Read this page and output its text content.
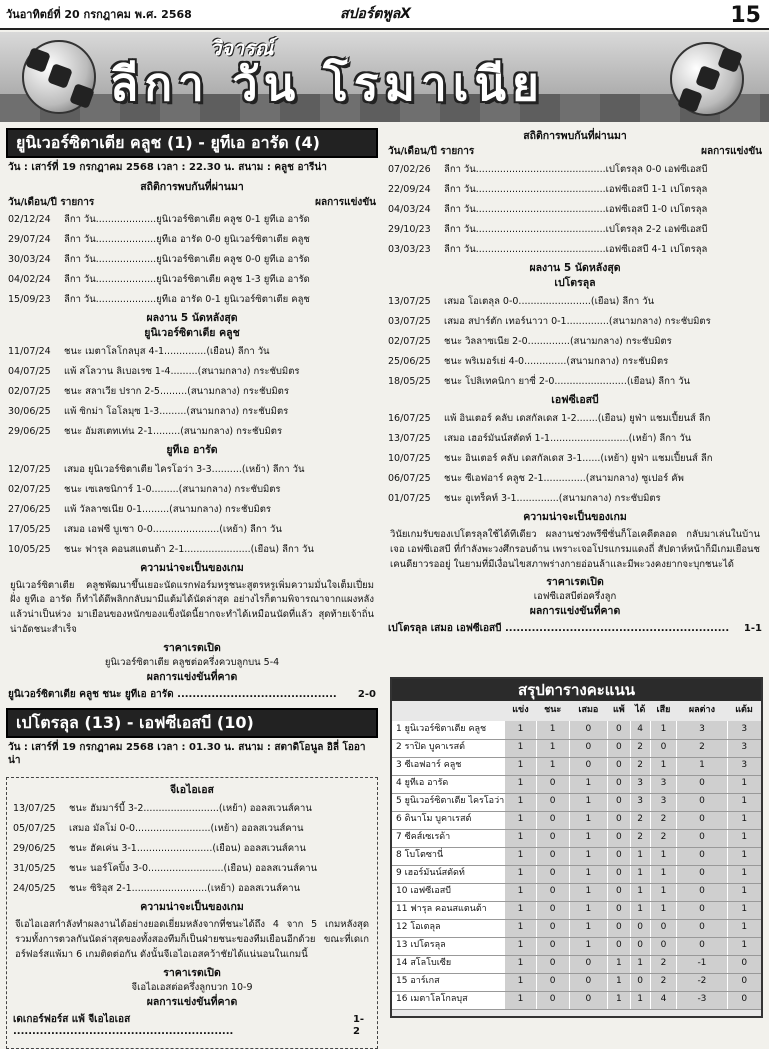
วันอาทิตย์ที่ 20 กรกฎาคม พ.ศ. 2568	สปอร์ตพูลX	15
วิจารณ์
ลีกา วัน โรมาเนีย
ยูนิเวอร์ซิตาเตีย คลูช (1) - ยูทีเอ อารัด (4)
วัน : เสาร์ที่ 19 กรกฎาคม 2568 เวลา : 22.30 น. สนาม : คลูช อารีน่า
สถิติการพบกันที่ผ่านมา
วัน/เดือน/ปี รายการ	ผลการแข่งขัน
02/12/24	ลีกา วัน....................ยูนิเวอร์ซิตาเตีย คลูช 0-1 ยูทีเอ อารัด
29/07/24	ลีกา วัน....................ยูทีเอ อารัด 0-0 ยูนิเวอร์ซิตาเตีย คลูช
30/03/24	ลีกา วัน....................ยูนิเวอร์ซิตาเตีย คลูช 0-0 ยูทีเอ อารัด
04/02/24	ลีกา วัน....................ยูนิเวอร์ซิตาเตีย คลูช 1-3 ยูทีเอ อารัด
15/09/23	ลีกา วัน....................ยูทีเอ อารัด 0-1 ยูนิเวอร์ซิตาเตีย คลูช
ผลงาน 5 นัดหลังสุด
ยูนิเวอร์ซิตาเตีย คลูช
11/07/24	ชนะ เมตาโลโกลบุส 4-1..............(เยือน) ลีกา วัน
04/07/25	แพ้ สโลวาน ลิเบอเรซ 1-4.........(สนามกลาง) กระชับมิตร
02/07/25	ชนะ สลาเวีย ปราก 2-5.........(สนามกลาง) กระชับมิตร
30/06/25	แพ้ ซิกม่า โอโลมุซ 1-3.........(สนามกลาง) กระชับมิตร
29/06/25	ชนะ อัมสเตทเท่น 2-1.........(สนามกลาง) กระชับมิตร
ยูทีเอ อารัด
12/07/25	เสมอ ยูนิเวอร์ซิตาเตีย ไครโอว่า 3-3..........(เหย้า) ลีกา วัน
02/07/25	ชนะ เซเลซนิการ์ 1-0.........(สนามกลาง) กระชับมิตร
27/06/25	แพ้ วัลลาซเนีย 0-1.........(สนามกลาง) กระชับมิตร
17/05/25	เสมอ เอฟซี บูเซา 0-0......................(เหย้า) ลีกา วัน
10/05/25	ชนะ ฟารุล คอนสแตนต้า 2-1......................(เยือน) ลีกา วัน
ความน่าจะเป็นของเกม
ยูนิเวอร์ซิตาเตีย คลูชพัฒนาขึ้นเยอะนัดแรกฟอร์มหรูชนะสูตรหรูเพิ่มความมั่นใจเต็มเปี่ยม ฝั่ง ยูทีเอ อารัด ก็ทำได้ดีพลิกกลับมามีแต้มได้นัดล่าสุด อย่างไรก็ตามพิจารณาจากแผงหลังแล้วน่าเป็นห่วง มาเยือนของหนักของแข็งนัดนี้ยากจะทำได้เหมือนนัดที่แล้ว สุดท้ายเจ้าถิ่นน่าอัดชนะสำเร็จ
ราคาเรตเปิด
ยูนิเวอร์ซิตาเตีย คลูชต่อครึ่งควบลูกบน 5-4
ผลการแข่งขันที่คาด
ยูนิเวอร์ซิตาเตีย คลูช ชนะ ยูทีเอ อารัด .......................................... 2-0
เปโตรลุล (13) - เอฟซีเอสบี (10)
วัน : เสาร์ที่ 19 กรกฎาคม 2568 เวลา : 01.30 น. สนาม : สตาดิโอนูล อิลี่ โออาน่า
จีเอไอเอส
13/07/25	ชนะ ฮัมมาร์บี้ 3-2.........................(เหย้า) ออลสเวนส์คาน
05/07/25	เสมอ มัลโม่ 0-0.........................(เหย้า) ออลสเวนส์คาน
29/06/25	ชนะ ฮัคเค่น 3-1.........................(เยือน) ออลสเวนส์คาน
31/05/25	ชนะ นอร์โคปิ้ง 3-0.........................(เยือน) ออลสเวนส์คาน
24/05/25	ชนะ ซิริอุส 2-1.........................(เหย้า) ออลสเวนส์คาน
ความน่าจะเป็นของเกม
จีเอไอเอสกำลังทำผลงานได้อย่างยอดเยี่ยมหลังจากที่ชนะได้ถึง 4 จาก 5 เกมหลังสุด รวมทั้งการตวลกันนัดล่าสุดของทั้งสองทีมก็เป็นฝ่ายชนะของทีมเยือนอีกด้วย ขณะที่เดเกอร์ฟอร์สแพ้มา 6 เกมติดต่อกัน ดังนั้นจีเอไอเอสคว้าชัยได้แน่นอนในเกมนี้
ราคาเรตเปิด
จีเอไอเอสต่อครึ่งลูกบวก 10-9
ผลการแข่งขันที่คาด
เดเกอร์ฟอร์ส แพ้ จีเอไอเอส ..........................................................
1-2
สถิติการพบกันที่ผ่านมา
วัน/เดือน/ปี รายการ	ผลการแข่งขัน
07/02/26	ลีกา วัน...........................................เปโตรลุล 0-0 เอฟซีเอสบี
22/09/24	ลีกา วัน...........................................เอฟซีเอสบี 1-1 เปโตรลุล
04/03/24	ลีกา วัน...........................................เอฟซีเอสบี 1-0 เปโตรลุล
29/10/23	ลีกา วัน...........................................เปโตรลุล 2-2 เอฟซีเอสบี
03/03/23	ลีกา วัน...........................................เอฟซีเอสบี 4-1 เปโตรลุล
ผลงาน 5 นัดหลังสุด
เปโตรลุล
13/07/25	เสมอ โอเตลุล 0-0........................(เยือน) ลีกา วัน
03/07/25	เสมอ สปาร์ตัก เทอร์นาวา 0-1..............(สนามกลาง) กระชับมิตร
02/07/25	ชนะ วิลลาซเนีย 2-0..............(สนามกลาง) กระชับมิตร
25/06/25	ชนะ พริเมอร์เย่ 4-0..............(สนามกลาง) กระชับมิตร
18/05/25	ชนะ โปลิเทคนิกา ยาซี่ 2-0........................(เยือน) ลีกา วัน
เอฟซีเอสบี
16/07/25	แพ้ อินเตอร์ คลับ เดสกัลเดส 1-2.......(เยือน) ยูฟ่า แชมเปี้ยนส์ ลีก
13/07/25	เสมอ เฮอร์มันน์สตัดท์ 1-1..........................(เหย้า) ลีกา วัน
10/07/25	ชนะ อินเตอร์ คลับ เดสกัลเดส 3-1......(เหย้า) ยูฟ่า แชมเปี้ยนส์ ลีก
06/07/25	ชนะ ซีเอฟอาร์ คลูช 2-1..............(สนามกลาง) ซูเปอร์ คัพ
01/07/25	ชนะ อูเทร็คท์ 3-1..............(สนามกลาง) กระชับมิตร
ความน่าจะเป็นของเกม
วินัยเกมรับของเปโตรลุลใช้ได้ทีเดียว ผลงานช่วงพรีซีซั่นก็โอเคดีตลอด กลับมาเล่นในบ้านเจอ เอฟซีเอสบี ที่กำลังพะวงศึกรอบด้าน เพราะเจอโปรแกรมแดงถี่ สัปดาห์หน้าก็มีเกมเยือนชเคนดียาวรออยู่ ในยามที่มีเงื่อนไขสภาพร่างกายอ่อนล้าและมีพะวงคงยากจะบุกชนะได้
ราคาเรตเปิด
เอฟซีเอสบีต่อครึ่งลูก
ผลการแข่งขันที่คาด
เปโตรลุล เสมอ เอฟซีเอสบี ........................................................... 1-1
สรุปตารางคะแนน
	แข่ง	ชนะ	เสมอ	แพ้	ได้	เสีย	ผลต่าง	แต้ม
1 ยูนิเวอร์ซิตาเตีย คลูช	1	1	0	0	4	1	3	3
2 ราปิด บูคาเรสต์	1	1	0	0	2	0	2	3
3 ซีเอฟอาร์ คลูช	1	1	0	0	2	1	1	3
4 ยูทีเอ อารัด	1	0	1	0	3	3	0	1
5 ยูนิเวอร์ซิตาเตีย ไครโอว่า	1	0	1	0	3	3	0	1
6 ดินาโม บูคาเรสต์	1	0	1	0	2	2	0	1
7 ซีคส์เซเรด้า	1	0	1	0	2	2	0	1
8 โบโตซานี่	1	0	1	0	1	1	0	1
9 เฮอร์มันน์สตัดท์	1	0	1	0	1	1	0	1
10 เอฟซีเอสบี	1	0	1	0	1	1	0	1
11 ฟารุล คอนสแตนต้า	1	0	1	0	1	1	0	1
12 โอเตลุล	1	0	1	0	0	0	0	1
13 เปโตรลุล	1	0	1	0	0	0	0	1
14 สโลโบเซีย	1	0	0	1	1	2	-1	0
15 อาร์เกส	1	0	0	1	0	2	-2	0
16 เมตาโลโกลบุส	1	0	0	1	1	4	-3	0
